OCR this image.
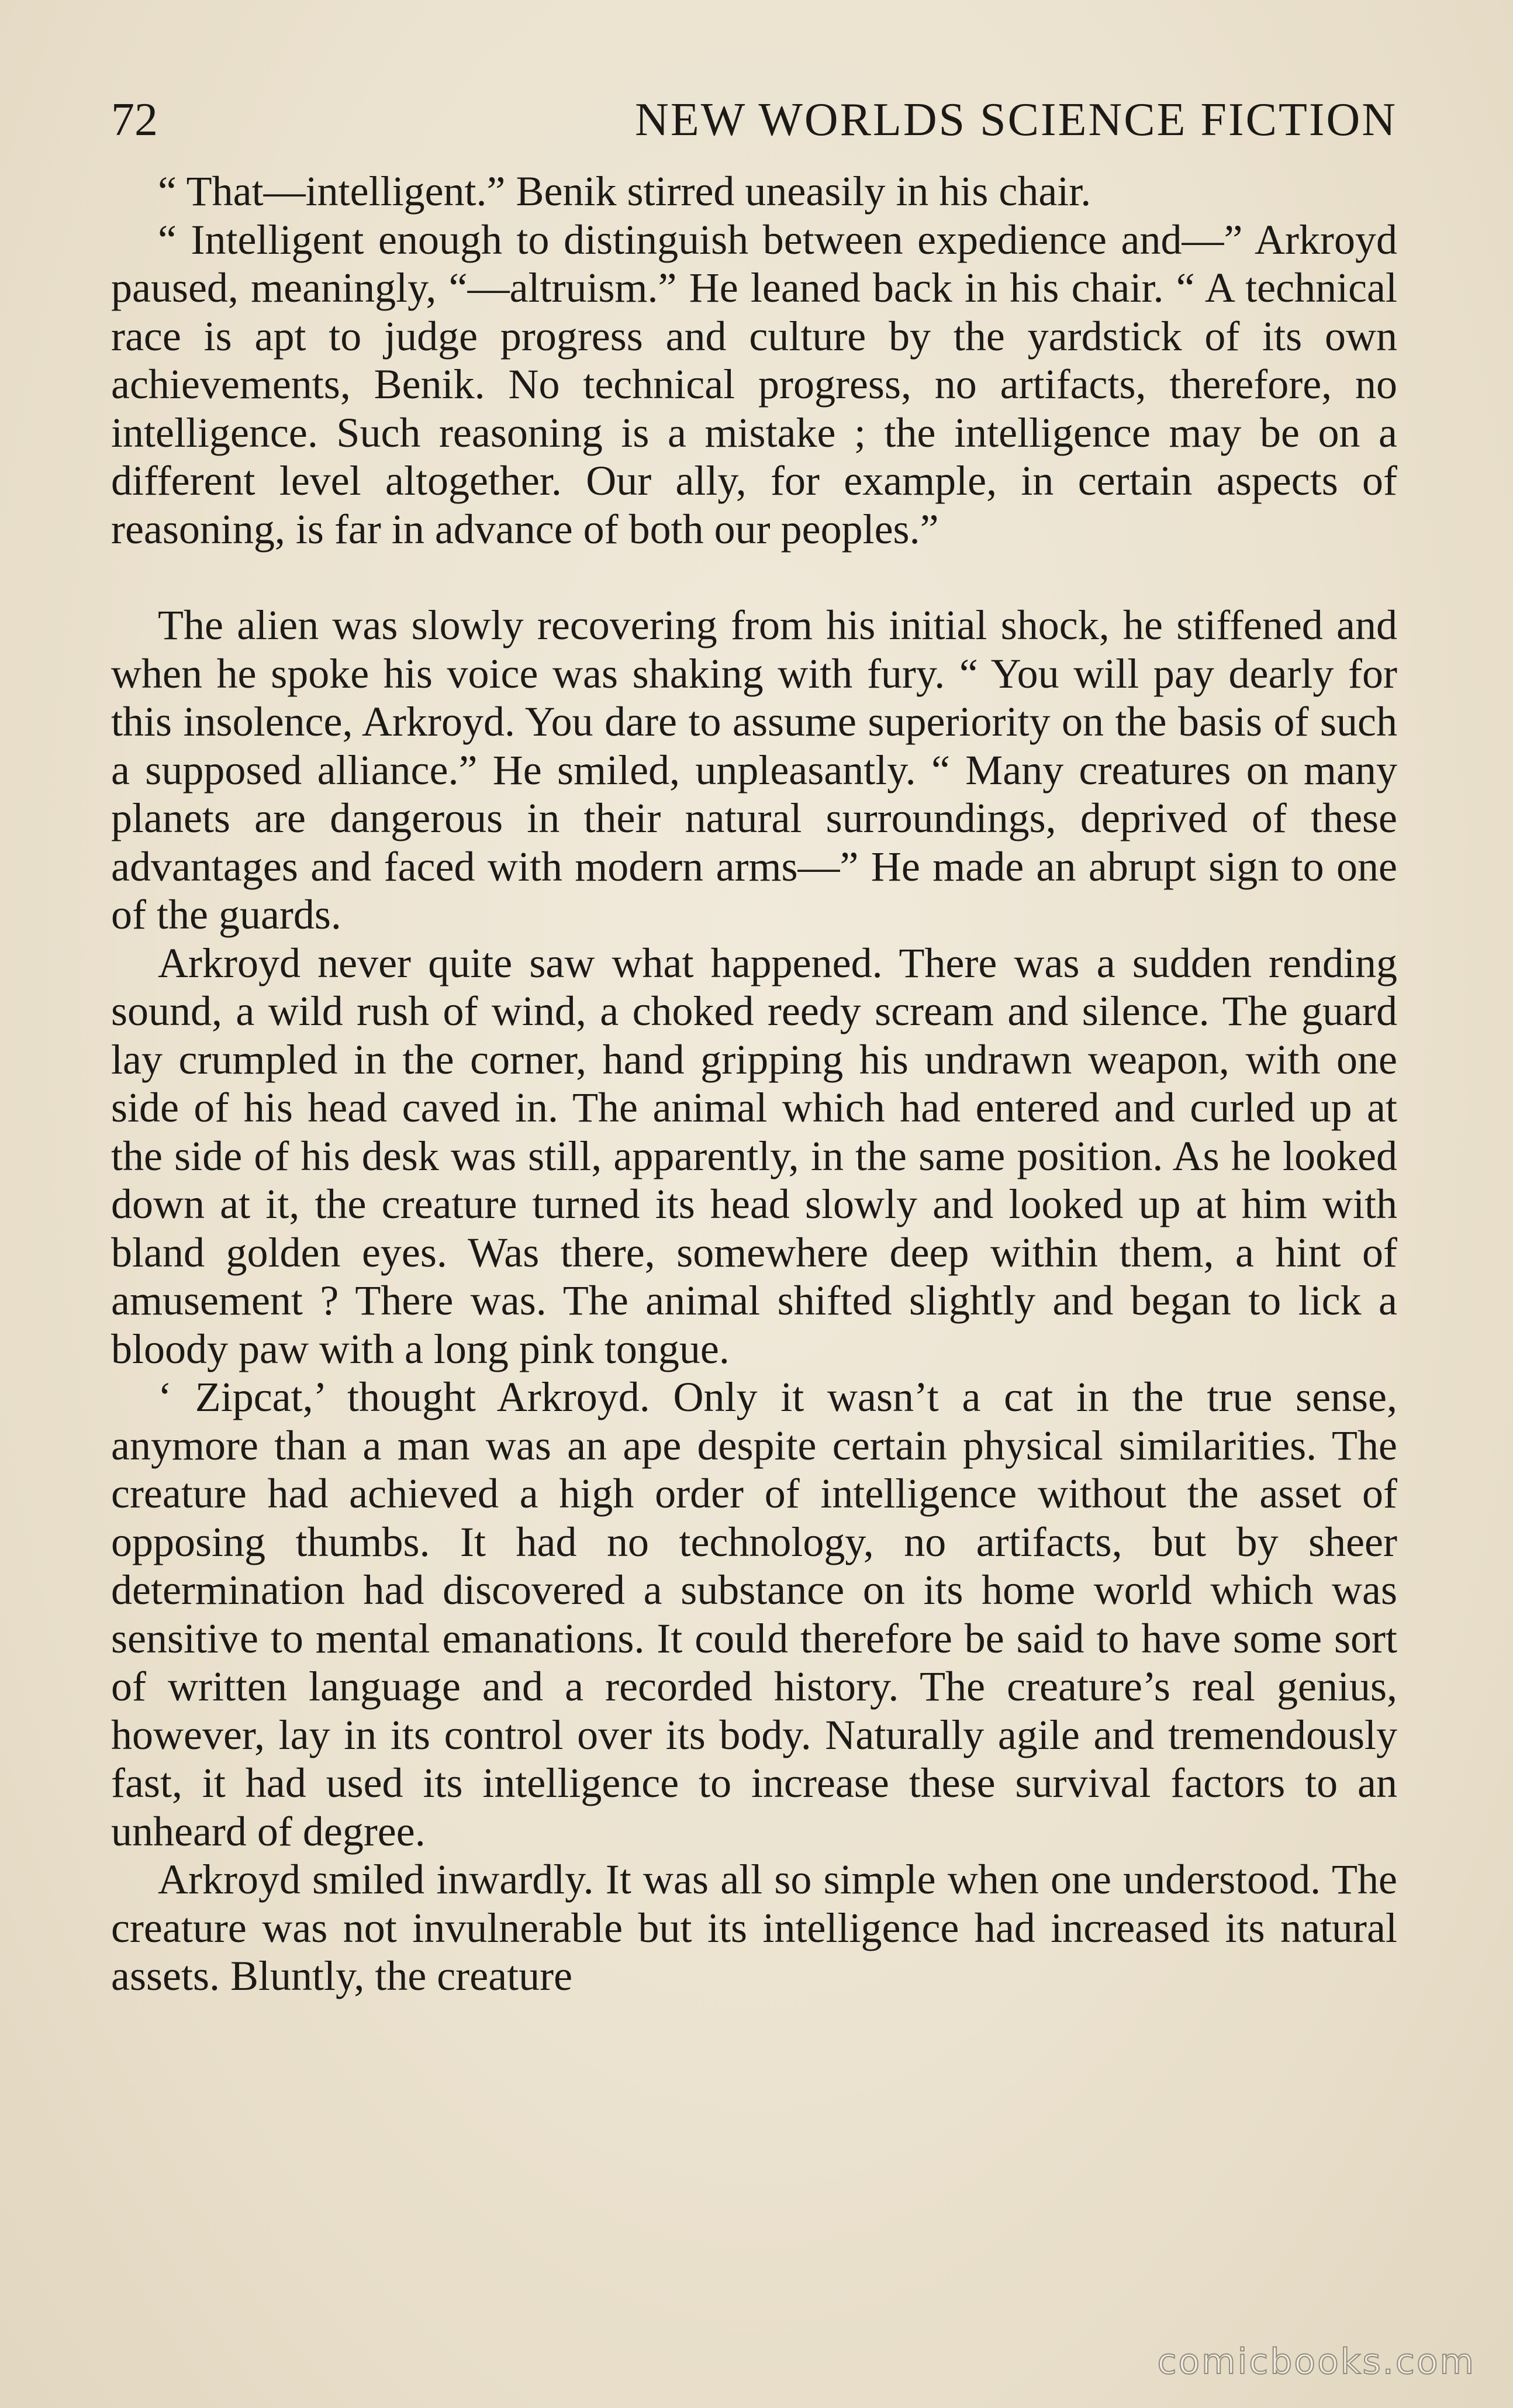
72	NEW WORLDS SCIENCE FICTION

“ That—intelligent.” Benik stirred uneasily in his chair.

“ Intelligent enough to distinguish between expedience and—” Arkroyd paused, meaningly, “—altruism.” He leaned back in his chair. “ A technical race is apt to judge progress and culture by the yardstick of its own achievements, Benik. No technical progress, no artifacts, therefore, no intelligence. Such reasoning is a mistake ; the intelligence may be on a different level altogether. Our ally, for example, in certain aspects of reasoning, is far in advance of both our peoples.”

The alien was slowly recovering from his initial shock, he stiffened and when he spoke his voice was shaking with fury. “ You will pay dearly for this insolence, Arkroyd. You dare to assume superiority on the basis of such a supposed alliance.” He smiled, unpleasantly. “ Many creatures on many planets are dangerous in their natural surroundings, deprived of these advantages and faced with modern arms—” He made an abrupt sign to one of the guards.

Arkroyd never quite saw what happened. There was a sudden rending sound, a wild rush of wind, a choked reedy scream and silence. The guard lay crumpled in the corner, hand gripping his undrawn weapon, with one side of his head caved in. The animal which had entered and curled up at the side of his desk was still, apparently, in the same position. As he looked down at it, the creature turned its head slowly and looked up at him with bland golden eyes. Was there, somewhere deep within them, a hint of amusement ? There was. The animal shifted slightly and began to lick a bloody paw with a long pink tongue.

‘ Zipcat,’ thought Arkroyd. Only it wasn’t a cat in the true sense, anymore than a man was an ape despite certain physical similarities. The creature had achieved a high order of intelligence without the asset of opposing thumbs. It had no technology, no artifacts, but by sheer determination had discovered a substance on its home world which was sensitive to mental emanations. It could therefore be said to have some sort of written language and a recorded history. The creature’s real genius, however, lay in its control over its body. Naturally agile and tremendously fast, it had used its intelligence to increase these survival factors to an unheard of degree.

Arkroyd smiled inwardly. It was all so simple when one understood. The creature was not invulnerable but its intelligence had increased its natural assets. Bluntly, the creature

comicbooks.com
